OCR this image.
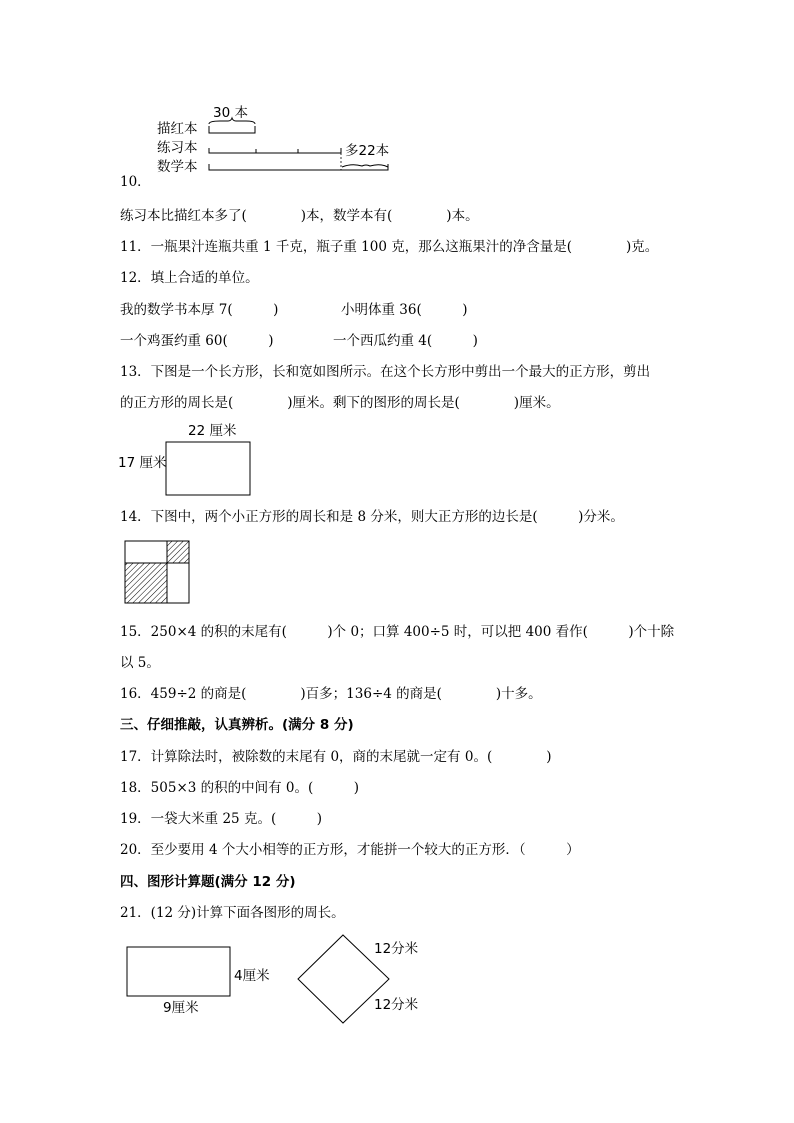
30 本
描红本
练习本
数学本
多22本
10．
练习本比描红本多了(　　　　)本，数学本有(　　　　)本。
11．一瓶果汁连瓶共重 1 千克，瓶子重 100 克，那么这瓶果汁的净含量是(　　　　)克。
12．填上合适的单位。
我的数学书本厚 7(　　　)	小明体重 36(　　　)
一个鸡蛋约重 60(　　　)	一个西瓜约重 4(　　　)
13．下图是一个长方形，长和宽如图所示。在这个长方形中剪出一个最大的正方形，剪出
的正方形的周长是(　　　　)厘米。剩下的图形的周长是(　　　　)厘米。
22 厘米
17 厘米
14．下图中，两个小正方形的周长和是 8 分米，则大正方形的边长是(　　　)分米。
15．250×4 的积的末尾有(　　　)个 0；口算 400÷5 时，可以把 400 看作(　　　)个十除
以 5。
16．459÷2 的商是(　　　　)百多；136÷4 的商是(　　　　)十多。
三、仔细推敲，认真辨析。(满分 8 分)
17．计算除法时，被除数的末尾有 0，商的末尾就一定有 0。(　　　　)
18．505×3 的积的中间有 0。(　　　)
19．一袋大米重 25 克。(　　　)
20．至少要用 4 个大小相等的正方形，才能拼一个较大的正方形．（　　　）
四、图形计算题(满分 12 分)
21．(12 分)计算下面各图形的周长。
9厘米
4厘米
12分米
12分米
